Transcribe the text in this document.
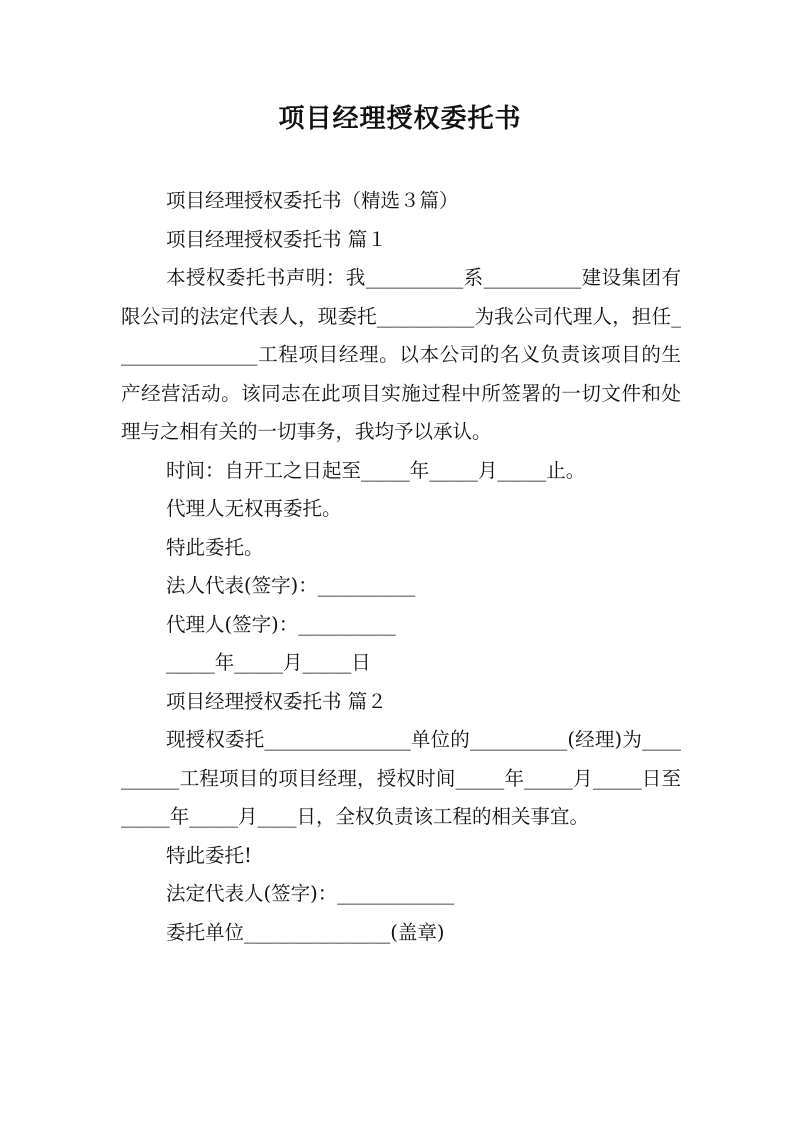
项目经理授权委托书

项目经理授权委托书（精选３篇）

项目经理授权委托书 篇１

本授权委托书声明：我__________系__________建设集团有限公司的法定代表人，现委托__________为我公司代理人，担任_______________工程项目经理。以本公司的名义负责该项目的生产经营活动。该同志在此项目实施过程中所签署的一切文件和处理与之相有关的一切事务，我均予以承认。

时间：自开工之日起至_____年_____月_____止。

代理人无权再委托。

特此委托。

法人代表(签字)：__________

代理人(签字)：__________

_____年_____月_____日

项目经理授权委托书 篇２

现授权委托_______________单位的__________(经理)为__________工程项目的项目经理，授权时间_____年_____月_____日至_____年_____月____日，全权负责该工程的相关事宜。

特此委托!

法定代表人(签字)：____________

委托单位_______________(盖章)
